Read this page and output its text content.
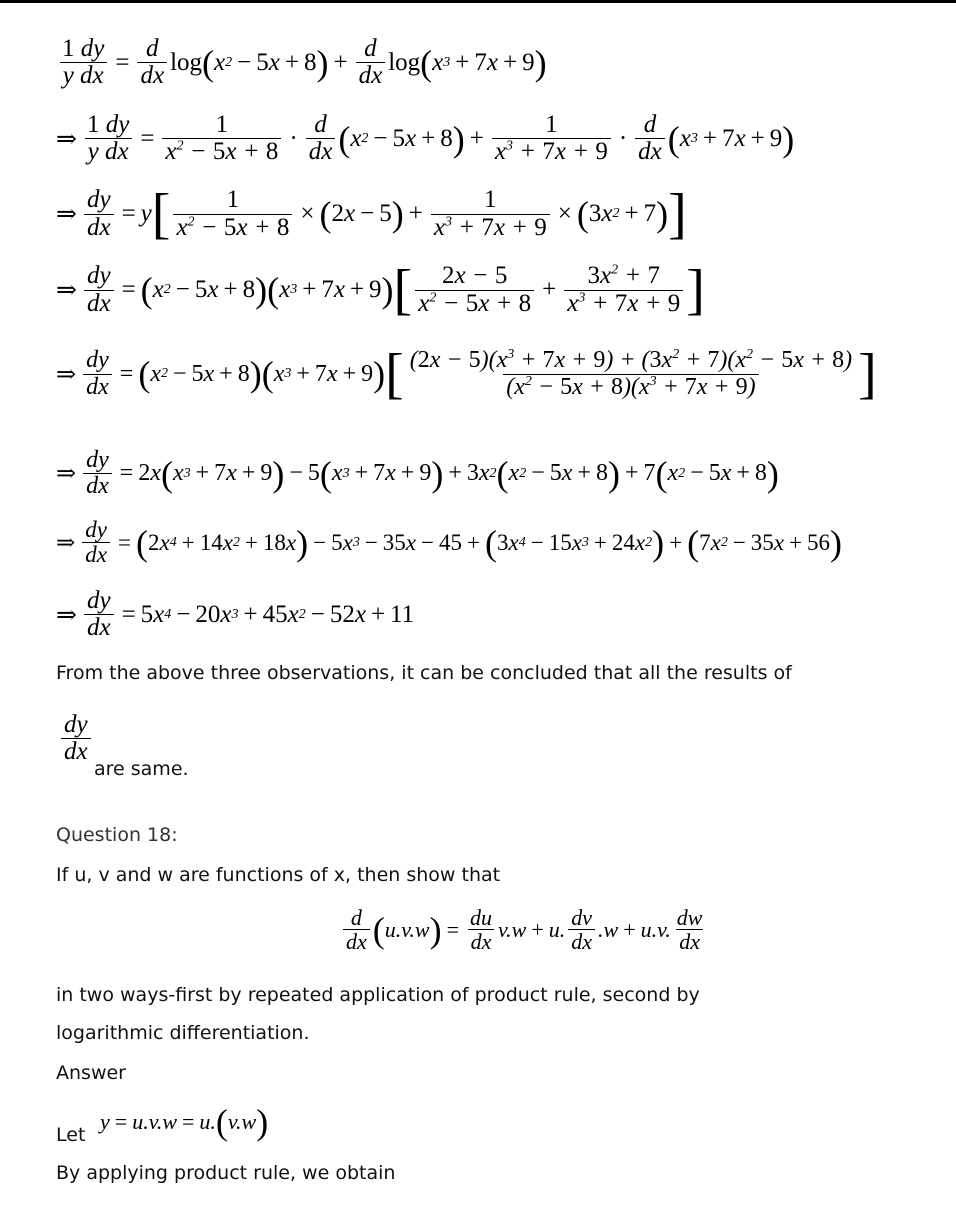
$\frac{1 dy}{\text{y dx}} = \frac{d}{dx}$ log ( x 2 − 5 x + 8 ) + $\frac{d}{dx}$ log ( x 3 + 7 x + 9 )
⇒ $\frac{1 dy}{\text{y dx}} = \frac{1}{x^2 - 5x + 8} \cdot \frac{d}{dx}$ ( x 2 − 5 x + 8 ) + $\frac{1}{x^3 + 7x + 9} \cdot \frac{d}{dx}$ ( x 3 + 7 x + 9 )
⇒ $\frac{dy}{dx} = y$ [ $\frac{1}{x^2 - 5x + 8}$ × ( 2 x − 5 ) + $\frac{1}{x^3 + 7x + 9}$ × ( 3 x 2 + 7 ) ]
⇒ $\frac{dy}{dx}$ = ( x 2 − 5 x + 8 ) ( x 3 + 7 x + 9 ) [ $\frac{2x - 5}{x^2 - 5x + 8} + \frac{3x^2 + 7}{x^3 + 7x + 9}$ ]
⇒ $\frac{dy}{dx}$ = ( x 2 − 5 x + 8 ) ( x 3 + 7 x + 9 ) [ $\frac{(2x - 5)(x^3 + 7x + 9) + (3x^2 + 7)(x^2 - 5x + 8)}{(x^2 - 5x + 8)(x^3 + 7x + 9)}$ ]
⇒ $\frac{dy}{dx} = 2$ x ( x 3 + 7 x + 9 ) − 5 ( x 3 + 7 x + 9 ) + 3 x 2 ( x 2 − 5 x + 8 ) + 7 ( x 2 − 5 x + 8 )
⇒ $\frac{dy}{dx}$ = ( 2 x 4 + 14 x 2 + 18 x ) − 5 x 3 − 35 x − 45 + ( 3 x 4 − 15 x 3 + 24 x 2 ) + ( 7 x 2 − 35 x + 56 )
⇒ $\frac{dy}{dx} = 5$ x 4 − 20 x 3 + 45 x 2 − 52 x + 11
From the above three observations, it can be concluded that all the results of
$\frac{dy}{dx}$
are same.
Question 18:
If u, v and w are functions of x, then show that
$\frac{d}{dx}$ ( u.v.w ) = $\frac{du}{dx} v.w + u$. $\frac{dv}{dx} .w + u.v$. $\frac{dw}{dx}$
in two ways-first by repeated application of product rule, second by
logarithmic differentiation.
Answer
Let
y = u.v.w = u. ( v.w )
By applying product rule, we obtain
